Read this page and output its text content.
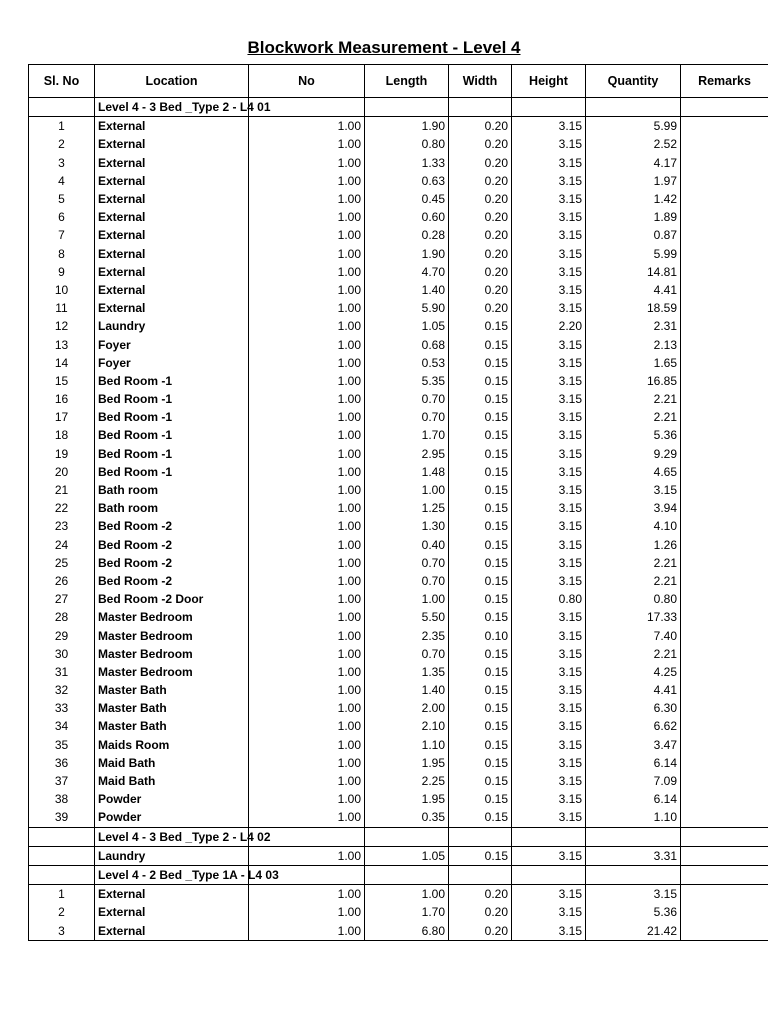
Blockwork Measurement - Level 4
Sl. No	Location	No	Length	Width	Height	Quantity	Remarks
	Level 4 - 3 Bed _Type 2 - L4 01						
1	External	1.00	1.90	0.20	3.15	5.99	
2	External	1.00	0.80	0.20	3.15	2.52	
3	External	1.00	1.33	0.20	3.15	4.17	
4	External	1.00	0.63	0.20	3.15	1.97	
5	External	1.00	0.45	0.20	3.15	1.42	
6	External	1.00	0.60	0.20	3.15	1.89	
7	External	1.00	0.28	0.20	3.15	0.87	
8	External	1.00	1.90	0.20	3.15	5.99	
9	External	1.00	4.70	0.20	3.15	14.81	
10	External	1.00	1.40	0.20	3.15	4.41	
11	External	1.00	5.90	0.20	3.15	18.59	
12	Laundry	1.00	1.05	0.15	2.20	2.31	
13	Foyer	1.00	0.68	0.15	3.15	2.13	
14	Foyer	1.00	0.53	0.15	3.15	1.65	
15	Bed Room -1	1.00	5.35	0.15	3.15	16.85	
16	Bed Room -1	1.00	0.70	0.15	3.15	2.21	
17	Bed Room -1	1.00	0.70	0.15	3.15	2.21	
18	Bed Room -1	1.00	1.70	0.15	3.15	5.36	
19	Bed Room -1	1.00	2.95	0.15	3.15	9.29	
20	Bed Room -1	1.00	1.48	0.15	3.15	4.65	
21	Bath room	1.00	1.00	0.15	3.15	3.15	
22	Bath room	1.00	1.25	0.15	3.15	3.94	
23	Bed Room -2	1.00	1.30	0.15	3.15	4.10	
24	Bed Room -2	1.00	0.40	0.15	3.15	1.26	
25	Bed Room -2	1.00	0.70	0.15	3.15	2.21	
26	Bed Room -2	1.00	0.70	0.15	3.15	2.21	
27	Bed Room -2 Door	1.00	1.00	0.15	0.80	0.80	
28	Master Bedroom	1.00	5.50	0.15	3.15	17.33	
29	Master Bedroom	1.00	2.35	0.10	3.15	7.40	
30	Master Bedroom	1.00	0.70	0.15	3.15	2.21	
31	Master Bedroom	1.00	1.35	0.15	3.15	4.25	
32	Master Bath	1.00	1.40	0.15	3.15	4.41	
33	Master Bath	1.00	2.00	0.15	3.15	6.30	
34	Master Bath	1.00	2.10	0.15	3.15	6.62	
35	Maids Room	1.00	1.10	0.15	3.15	3.47	
36	Maid Bath	1.00	1.95	0.15	3.15	6.14	
37	Maid Bath	1.00	2.25	0.15	3.15	7.09	
38	Powder	1.00	1.95	0.15	3.15	6.14	
39	Powder	1.00	0.35	0.15	3.15	1.10	
	Level 4 - 3 Bed _Type 2 - L4 02						
	Laundry	1.00	1.05	0.15	3.15	3.31	
	Level 4 - 2 Bed _Type 1A - L4 03						
1	External	1.00	1.00	0.20	3.15	3.15	
2	External	1.00	1.70	0.20	3.15	5.36	
3	External	1.00	6.80	0.20	3.15	21.42	
